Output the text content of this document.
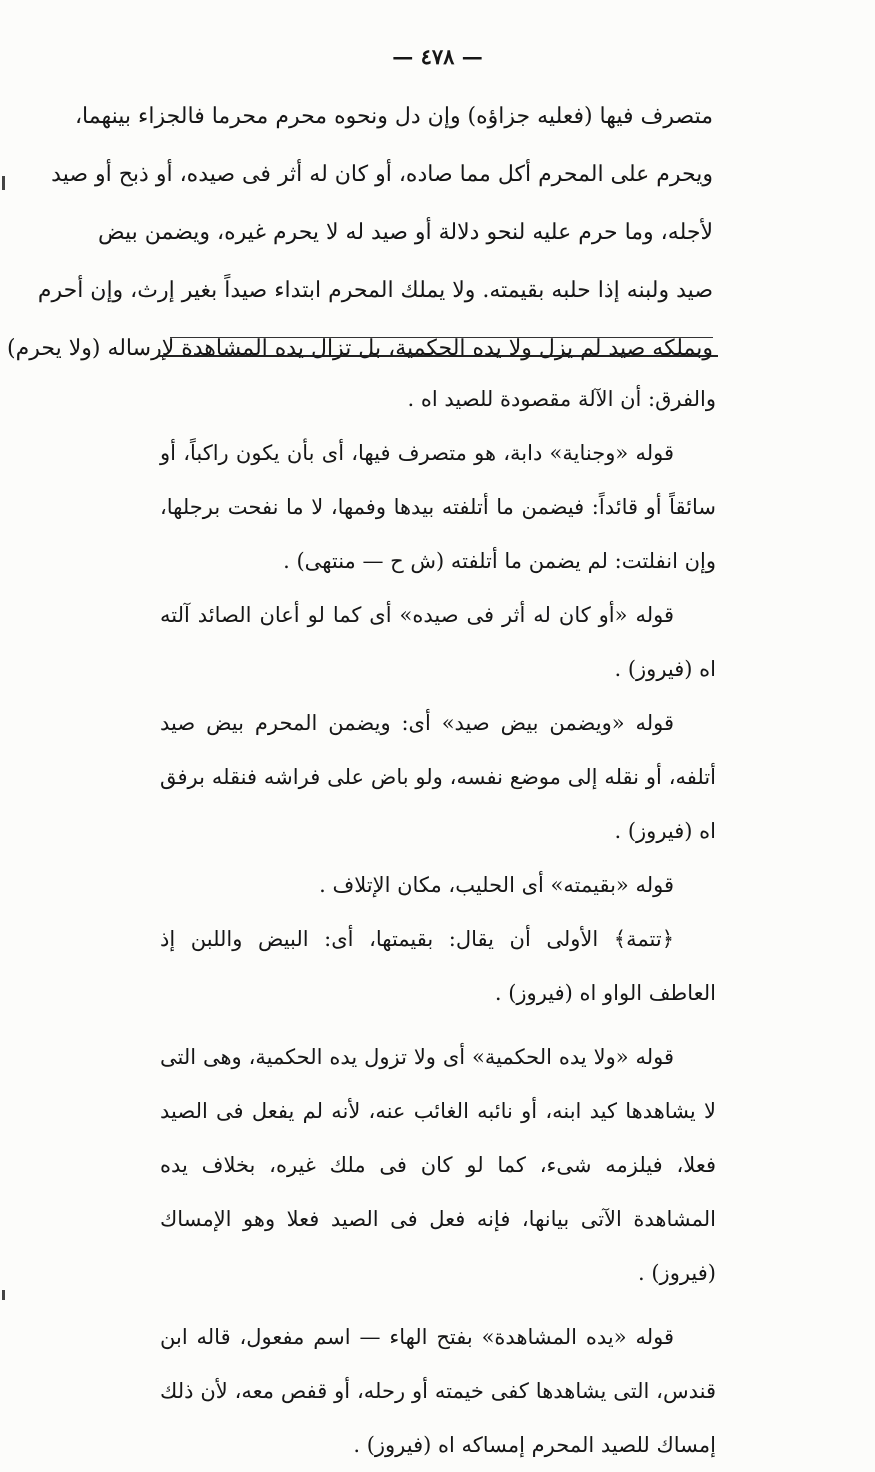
— ٤٧٨ —
متصرف فيها (فعليه جزاؤه) وإن دل ونحوه محرم محرما فالجزاء بينهما،
ويحرم على المحرم أكل مما صاده، أو كان له أثر فى صيده، أو ذبح أو صيد
لأجله، وما حرم عليه لنحو دلالة أو صيد له لا يحرم غيره، ويضمن بيض
صيد ولبنه إذا حلبه بقيمته. ولا يملك المحرم ابتداء صيداً بغير إرث، وإن أحرم
وبملكه صيد لم يزل ولا يده الحكمية، بل تزال يده المشاهدة لإرساله (ولا يحرم)

والفرق: أن الآلة مقصودة للصيد اه .

قوله «وجناية» دابة، هو متصرف فيها، أى بأن يكون راكباً، أو سائقاً أو قائداً: فيضمن ما أتلفته بيدها وفمها، لا ما نفحت برجلها، وإن انفلتت: لم يضمن ما أتلفته (ش ح — منتهى) .

قوله «أو كان له أثر فى صيده» أى كما لو أعان الصائد آلته اه (فيروز) .

قوله «ويضمن بيض صيد» أى: ويضمن المحرم بيض صيد أتلفه، أو نقله إلى موضع نفسه، ولو باض على فراشه فنقله برفق اه (فيروز) .

قوله «بقيمته» أى الحليب، مكان الإتلاف .

﴿تتمة﴾ الأولى أن يقال: بقيمتها، أى: البيض واللبن إذ العاطف الواو اه (فيروز) .

قوله «ولا يده الحكمية» أى ولا تزول يده الحكمية، وهى التى لا يشاهدها كيد ابنه، أو نائبه الغائب عنه، لأنه لم يفعل فى الصيد فعلا، فيلزمه شىء، كما لو كان فى ملك غيره، بخلاف يده المشاهدة الآتى بيانها، فإنه فعل فى الصيد فعلا وهو الإمساك (فيروز) .

قوله «يده المشاهدة» بفتح الهاء — اسم مفعول، قاله ابن قندس، التى يشاهدها كفى خيمته أو رحله، أو قفص معه، لأن ذلك إمساك للصيد المحرم إمساكه اه (فيروز) .
